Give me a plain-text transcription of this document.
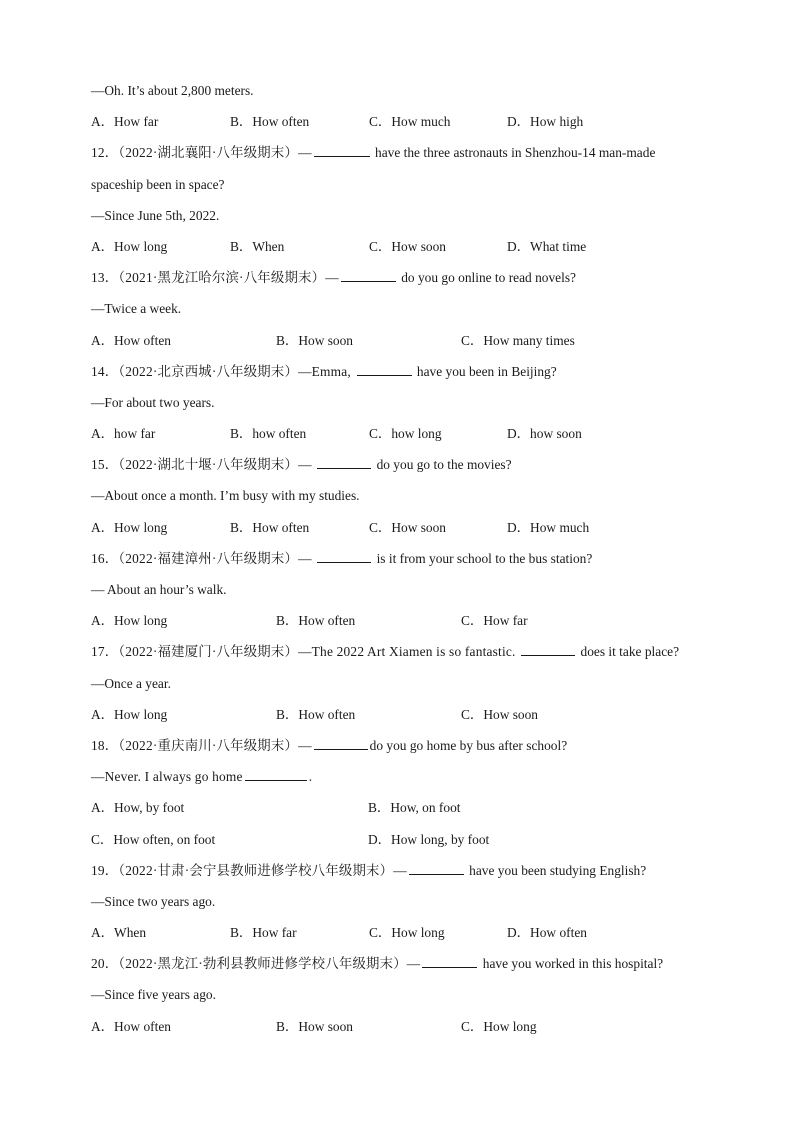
—Oh. It’s about 2,800 meters.
A．How far	B．How often	C．How much	D．How high
12．（2022·湖北襄阳·八年级期末）—	have the three astronauts in Shenzhou-14 man-made
spaceship been in space?
—Since June 5th, 2022.
A．How long	B．When	C．How soon	D．What time
13．（2021·黑龙江哈尔滨·八年级期末）—	do you go online to read novels?
—Twice a week.
A．How often	B．How soon	C．How many times
14．（2022·北京西城·八年级期末）—Emma,	have you been in Beijing?
—For about two years.
A．how far	B．how often	C．how long	D．how soon
15．（2022·湖北十堰·八年级期末）—	do you go to the movies?
—About once a month. I’m busy with my studies.
A．How long	B．How often	C．How soon	D．How much
16．（2022·福建漳州·八年级期末）—	is it from your school to the bus station?
— About an hour’s walk.
A．How long	B．How often	C．How far
17．（2022·福建厦门·八年级期末）—The 2022 Art Xiamen is so fantastic.	does it take place?
—Once a year.
A．How long	B．How often	C．How soon
18．（2022·重庆南川·八年级期末）—	do you go home by bus after school?
—Never. I always go home	.
A．How, by foot	B．How, on foot
C．How often, on foot	D．How long, by foot
19．（2022·甘肃·会宁县教师进修学校八年级期末）—	have you been studying English?
—Since two years ago.
A．When	B．How far	C．How long	D．How often
20．（2022·黑龙江·勃利县教师进修学校八年级期末）—	have you worked in this hospital?
—Since five years ago.
A．How often	B．How soon	C．How long
